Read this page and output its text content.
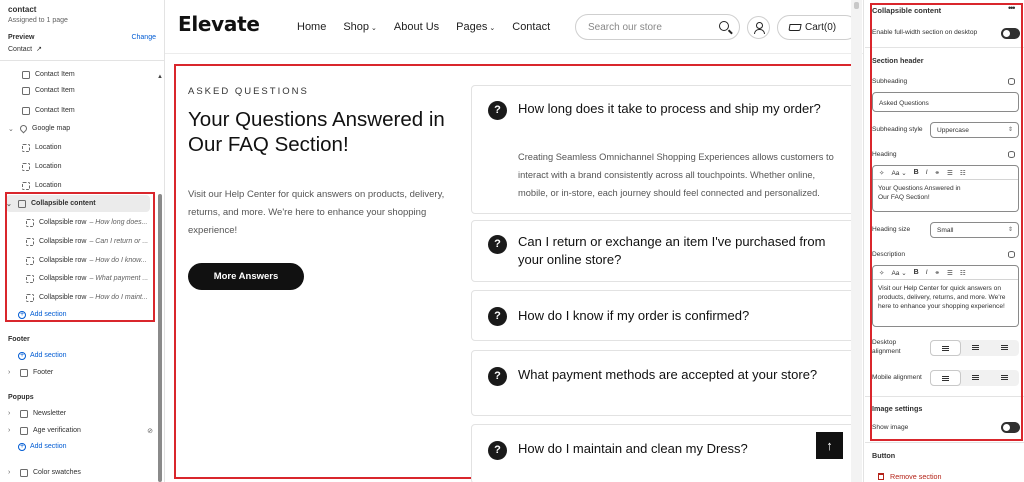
contact
Assigned to 1 page
Preview	Change
Contact ↗
Contact Item
Contact Item
Contact Item
⌄	Google map
Location
Location
Location
⌄	Collapsible content
Collapsible row – How long does...
Collapsible row – Can I return or ...
Collapsible row – How do I know...
Collapsible row – What payment ...
Collapsible row – How do I maint...
+ Add section
Footer
+ Add section
›	Footer
Popups
›	Newsletter
›	Age verification	⊘
+ Add section
›	Color swatches
▲
Elevate	Home Shop ⌄ About Us Pages ⌄ Contact	Search our store	Cart(0)
ASKED QUESTIONS
Your Questions Answered in
Our FAQ Section!
Visit our Help Center for quick answers on products, delivery, returns, and more. We're here to enhance your shopping experience!
More Answers
?	How long does it take to process and ship my order?
Creating Seamless Omnichannel Shopping Experiences allows customers to interact with a brand consistently across all touchpoints. Whether online, mobile, or in-store, each journey should feel connected and personalized.
?	Can I return or exchange an item I've purchased from your online store?
?	How do I know if my order is confirmed?
?	What payment methods are accepted at your store?
?	How do I maintain and clean my Dress?	↑
Collapsible content	•••
Enable full-width section on desktop
Section header
Subheading
Asked Questions
Subheading style	Uppercase	⇕
Heading
✧ Aa ⌄ B I ⚭ ☰ ☷
Your Questions Answered in
Our FAQ Section!
Heading size	Small	⇕
Description
✧ Aa ⌄ B I ⚭ ☰ ☷
Visit our Help Center for quick answers on products, delivery, returns, and more. We're here to enhance your shopping experience!
Desktop alignment
Mobile alignment
Image settings
Show image
Button
Remove section
